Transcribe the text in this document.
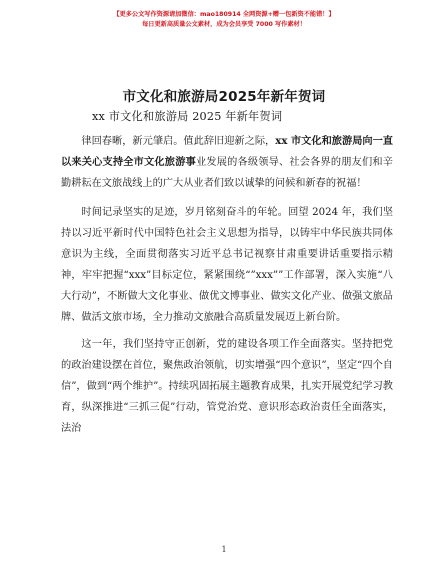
【更多公文写作资源请加微信：mao180914 全网资源+赠一包新资不能错！】
每日更新高质量公文素材，成为会员享受 7000 写作素材！
市文化和旅游局2025年新年贺词
xx 市文化和旅游局 2025 年新年贺词

律回春晰，新元肇启。值此辞旧迎新之际，xx 市文化和旅游局向一直以来关心支持全市文化旅游事业发展的各级领导、社会各界的朋友们和辛勤耕耘在文旅战线上的广大从业者们致以诚挚的问候和新春的祝福！

时间记录坚实的足迹，岁月铭刻奋斗的年轮。回望 2024 年，我们坚持以习近平新时代中国特色社会主义思想为指导，以铸牢中华民族共同体意识为主线，全面贯彻落实习近平总书记视察甘肃重要讲话重要指示精神，牢牢把握“xxx”目标定位，紧紧围绕“”xxx””工作部署，深入实施“八大行动”，不断做大文化事业、做优文博事业、做实文化产业、做强文旅品牌、做活文旅市场，全力推动文旅融合高质量发展迈上新台阶。

这一年，我们坚持守正创新，党的建设各项工作全面落实。坚持把党的政治建设摆在首位，聚焦政治领航，切实增强“四个意识”，坚定“四个自信”，做到“两个维护”。持续巩固拓展主题教育成果，扎实开展党纪学习教育，纵深推进“三抓三促”行动，管党治党、意识形态政治责任全面落实，法治

1
